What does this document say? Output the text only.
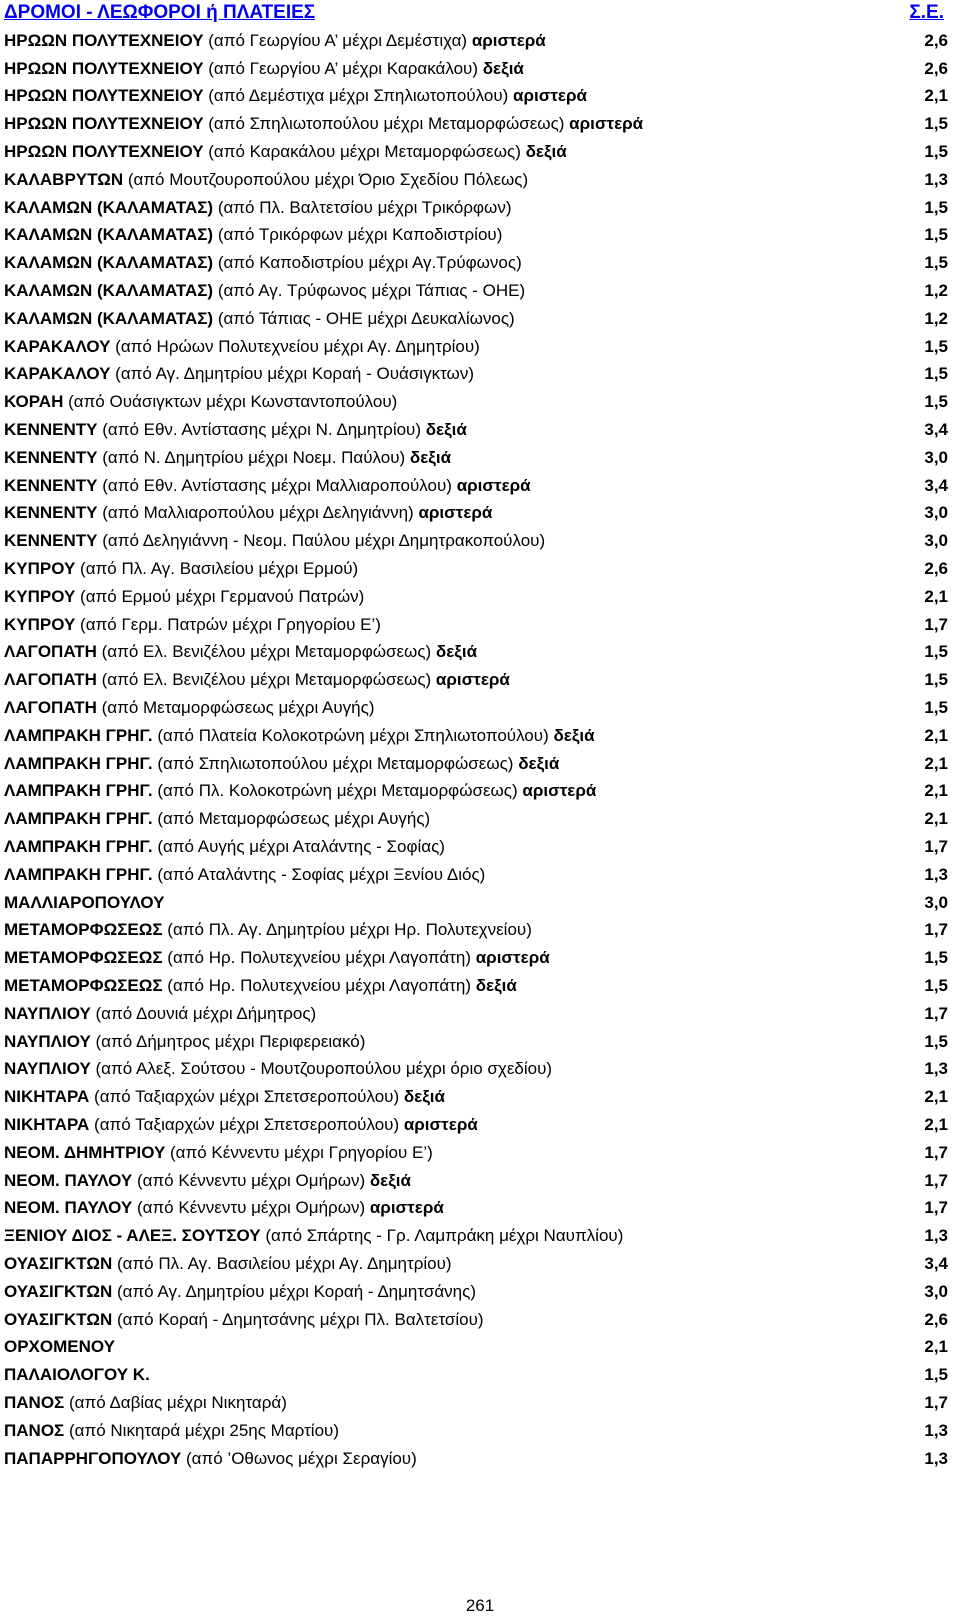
ΔΡΟΜΟΙ - ΛΕΩΦΟΡΟΙ ή ΠΛΑΤΕΙΕΣ	Σ.Ε.
ΗΡΩΩΝ ΠΟΛΥΤΕΧΝΕΙΟΥ (από Γεωργίου Α’ μέχρι Δεμέστιχα) αριστερά	2,6
ΗΡΩΩΝ ΠΟΛΥΤΕΧΝΕΙΟΥ (από Γεωργίου Α’ μέχρι Καρακάλου) δεξιά	2,6
ΗΡΩΩΝ ΠΟΛΥΤΕΧΝΕΙΟΥ (από Δεμέστιχα μέχρι Σπηλιωτοπούλου) αριστερά	2,1
ΗΡΩΩΝ ΠΟΛΥΤΕΧΝΕΙΟΥ (από Σπηλιωτοπούλου μέχρι Μεταμορφώσεως) αριστερά	1,5
ΗΡΩΩΝ ΠΟΛΥΤΕΧΝΕΙΟΥ (από Καρακάλου μέχρι Μεταμορφώσεως) δεξιά	1,5
ΚΑΛΑΒΡΥΤΩΝ (από Μουτζουροπούλου μέχρι Όριο Σχεδίου Πόλεως)	1,3
ΚΑΛΑΜΩΝ (ΚΑΛΑΜΑΤΑΣ) (από Πλ. Βαλτετσίου μέχρι Τρικόρφων)	1,5
ΚΑΛΑΜΩΝ (ΚΑΛΑΜΑΤΑΣ) (από Τρικόρφων μέχρι Καποδιστρίου)	1,5
ΚΑΛΑΜΩΝ (ΚΑΛΑΜΑΤΑΣ) (από Καποδιστρίου μέχρι Αγ.Τρύφωνος)	1,5
ΚΑΛΑΜΩΝ (ΚΑΛΑΜΑΤΑΣ) (από Αγ. Τρύφωνος μέχρι Τάπιας - ΟΗΕ)	1,2
ΚΑΛΑΜΩΝ (ΚΑΛΑΜΑΤΑΣ) (από Τάπιας - ΟΗΕ μέχρι Δευκαλίωνος)	1,2
ΚΑΡΑΚΑΛΟΥ (από Ηρώων Πολυτεχνείου μέχρι Αγ. Δημητρίου)	1,5
ΚΑΡΑΚΑΛΟΥ (από Αγ. Δημητρίου μέχρι Κοραή - Ουάσιγκτων)	1,5
ΚΟΡΑΗ (από Ουάσιγκτων μέχρι Κωνσταντοπούλου)	1,5
ΚΕΝΝΕΝΤΥ (από Εθν. Αντίστασης μέχρι Ν. Δημητρίου) δεξιά	3,4
ΚΕΝΝΕΝΤΥ (από Ν. Δημητρίου μέχρι Νοεμ. Παύλου) δεξιά	3,0
ΚΕΝΝΕΝΤΥ (από Εθν. Αντίστασης μέχρι Μαλλιαροπούλου) αριστερά	3,4
ΚΕΝΝΕΝΤΥ (από Μαλλιαροπούλου μέχρι Δεληγιάννη) αριστερά	3,0
ΚΕΝΝΕΝΤΥ (από Δεληγιάννη - Νεομ. Παύλου μέχρι Δημητρακοπούλου)	3,0
ΚΥΠΡΟΥ (από Πλ. Αγ. Βασιλείου μέχρι Ερμού)	2,6
ΚΥΠΡΟΥ (από Ερμού μέχρι Γερμανού Πατρών)	2,1
ΚΥΠΡΟΥ (από Γερμ. Πατρών μέχρι Γρηγορίου Ε’)	1,7
ΛΑΓΟΠΑΤΗ (από Ελ. Βενιζέλου μέχρι Μεταμορφώσεως) δεξιά	1,5
ΛΑΓΟΠΑΤΗ (από Ελ. Βενιζέλου μέχρι Μεταμορφώσεως) αριστερά	1,5
ΛΑΓΟΠΑΤΗ (από Μεταμορφώσεως μέχρι Αυγής)	1,5
ΛΑΜΠΡΑΚΗ ΓΡΗΓ. (από Πλατεία Κολοκοτρώνη μέχρι Σπηλιωτοπούλου) δεξιά	2,1
ΛΑΜΠΡΑΚΗ ΓΡΗΓ. (από Σπηλιωτοπούλου μέχρι Μεταμορφώσεως) δεξιά	2,1
ΛΑΜΠΡΑΚΗ ΓΡΗΓ. (από Πλ. Κολοκοτρώνη μέχρι Μεταμορφώσεως) αριστερά	2,1
ΛΑΜΠΡΑΚΗ ΓΡΗΓ. (από Μεταμορφώσεως μέχρι Αυγής)	2,1
ΛΑΜΠΡΑΚΗ ΓΡΗΓ. (από Αυγής μέχρι Αταλάντης - Σοφίας)	1,7
ΛΑΜΠΡΑΚΗ ΓΡΗΓ. (από Αταλάντης - Σοφίας μέχρι Ξενίου Διός)	1,3
ΜΑΛΛΙΑΡΟΠΟΥΛΟΥ	3,0
ΜΕΤΑΜΟΡΦΩΣΕΩΣ (από Πλ. Αγ. Δημητρίου μέχρι Ηρ. Πολυτεχνείου)	1,7
ΜΕΤΑΜΟΡΦΩΣΕΩΣ (από Ηρ. Πολυτεχνείου μέχρι Λαγοπάτη) αριστερά	1,5
ΜΕΤΑΜΟΡΦΩΣΕΩΣ (από Ηρ. Πολυτεχνείου μέχρι Λαγοπάτη) δεξιά	1,5
ΝΑΥΠΛΙΟΥ (από Δουνιά μέχρι Δήμητρος)	1,7
ΝΑΥΠΛΙΟΥ (από Δήμητρος μέχρι Περιφερειακό)	1,5
ΝΑΥΠΛΙΟΥ (από Αλεξ. Σούτσου - Μουτζουροπούλου μέχρι όριο σχεδίου)	1,3
ΝΙΚΗΤΑΡΑ (από Ταξιαρχών μέχρι Σπετσεροπούλου) δεξιά	2,1
ΝΙΚΗΤΑΡΑ (από Ταξιαρχών μέχρι Σπετσεροπούλου) αριστερά	2,1
ΝΕΟΜ. ΔΗΜΗΤΡΙΟΥ (από Κέννεντυ μέχρι Γρηγορίου Ε’)	1,7
ΝΕΟΜ. ΠΑΥΛΟΥ (από Κέννεντυ μέχρι Ομήρων) δεξιά	1,7
ΝΕΟΜ. ΠΑΥΛΟΥ (από Κέννεντυ μέχρι Ομήρων) αριστερά	1,7
ΞΕΝΙΟΥ ΔΙΟΣ - ΑΛΕΞ. ΣΟΥΤΣΟΥ (από Σπάρτης - Γρ. Λαμπράκη μέχρι Ναυπλίου)	1,3
ΟΥΑΣΙΓΚΤΩΝ (από Πλ. Αγ. Βασιλείου μέχρι Αγ. Δημητρίου)	3,4
ΟΥΑΣΙΓΚΤΩΝ (από Αγ. Δημητρίου μέχρι Κοραή - Δημητσάνης)	3,0
ΟΥΑΣΙΓΚΤΩΝ (από Κοραή - Δημητσάνης μέχρι Πλ. Βαλτετσίου)	2,6
ΟΡΧΟΜΕΝΟΥ	2,1
ΠΑΛΑΙΟΛΟΓΟΥ Κ.	1,5
ΠΑΝΟΣ (από Δαβίας μέχρι Νικηταρά)	1,7
ΠΑΝΟΣ (από Νικηταρά μέχρι 25ης Μαρτίου)	1,3
ΠΑΠΑΡΡΗΓΟΠΟΥΛΟΥ (από ’Οθωνος μέχρι Σεραγίου)	1,3
261
